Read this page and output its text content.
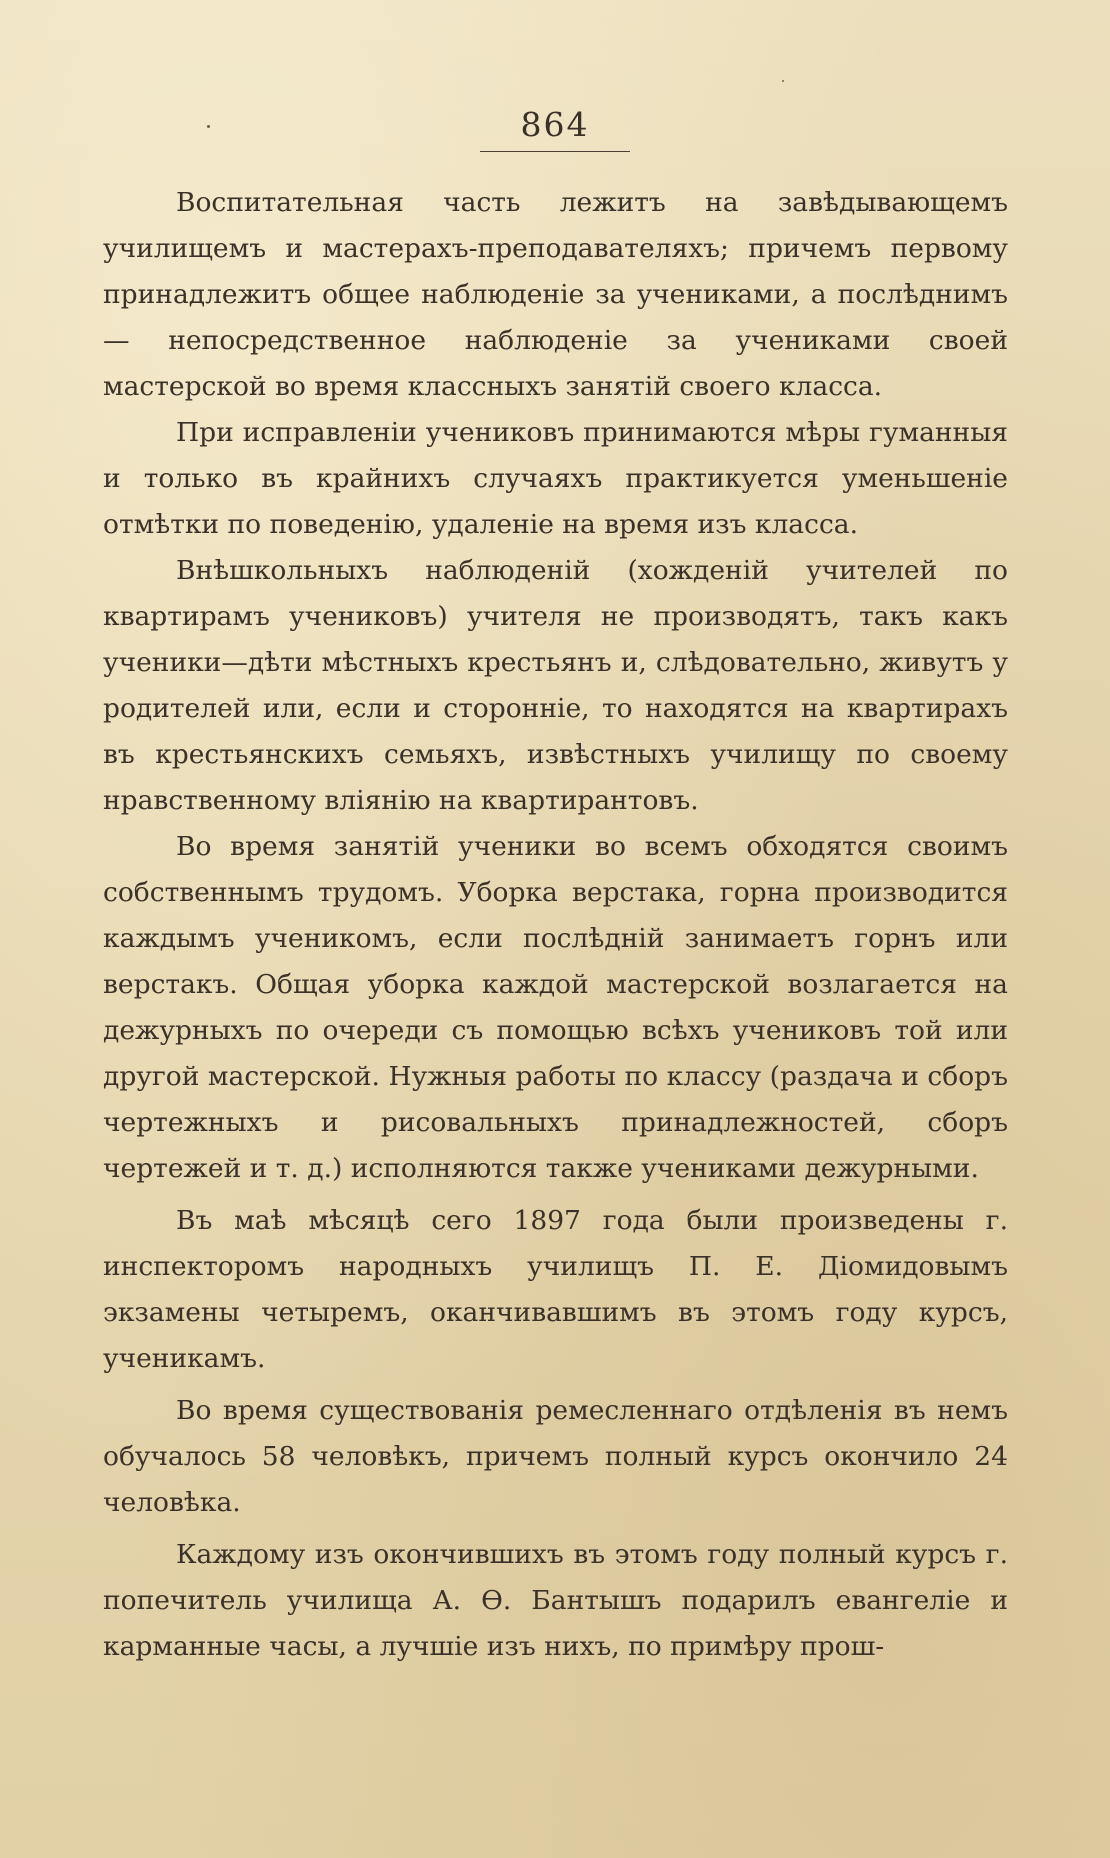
864

Воспитательная часть лежитъ на завѣдывающемъ училищемъ и мастерахъ-преподавателяхъ; причемъ первому принадлежитъ общее наблюденіе за учениками, а послѣднимъ— непосредственное наблюденіе за учениками своей мастерской во время классныхъ занятій своего класса.

При исправленіи учениковъ принимаются мѣры гуманныя и только въ крайнихъ случаяхъ практикуется уменьшеніе отмѣтки по поведенію, удаленіе на время изъ класса.

Внѣшкольныхъ наблюденій (хожденій учителей по квартирамъ учениковъ) учителя не производятъ, такъ какъ ученики—дѣти мѣстныхъ крестьянъ и, слѣдовательно, живутъ у родителей или, если и сторонніе, то находятся на квартирахъ въ крестьянскихъ семьяхъ, извѣстныхъ училищу по своему нравственному вліянію на квартирантовъ.

Во время занятій ученики во всемъ обходятся своимъ собственнымъ трудомъ. Уборка верстака, горна производится каждымъ ученикомъ, если послѣдній занимаетъ горнъ или верстакъ. Общая уборка каждой мастерской возлагается на дежурныхъ по очереди съ помощью всѣхъ учениковъ той или другой мастерской. Нужныя работы по классу (раздача и сборъ чертежныхъ и рисовальныхъ принадлежностей, сборъ чертежей и т. д.) исполняются также учениками дежурными.

Въ маѣ мѣсяцѣ сего 1897 года были произведены г. инспекторомъ народныхъ училищъ П. Е. Діомидовымъ экзамены четыремъ, оканчивавшимъ въ этомъ году курсъ, ученикамъ.

Во время существованія ремесленнаго отдѣленія въ немъ обучалось 58 человѣкъ, причемъ полный курсъ окончило 24 человѣка.

Каждому изъ окончившихъ въ этомъ году полный курсъ г. попечитель училища А. Ѳ. Бантышъ подарилъ евангеліе и карманные часы, а лучшіе изъ нихъ, по примѣру прош-
